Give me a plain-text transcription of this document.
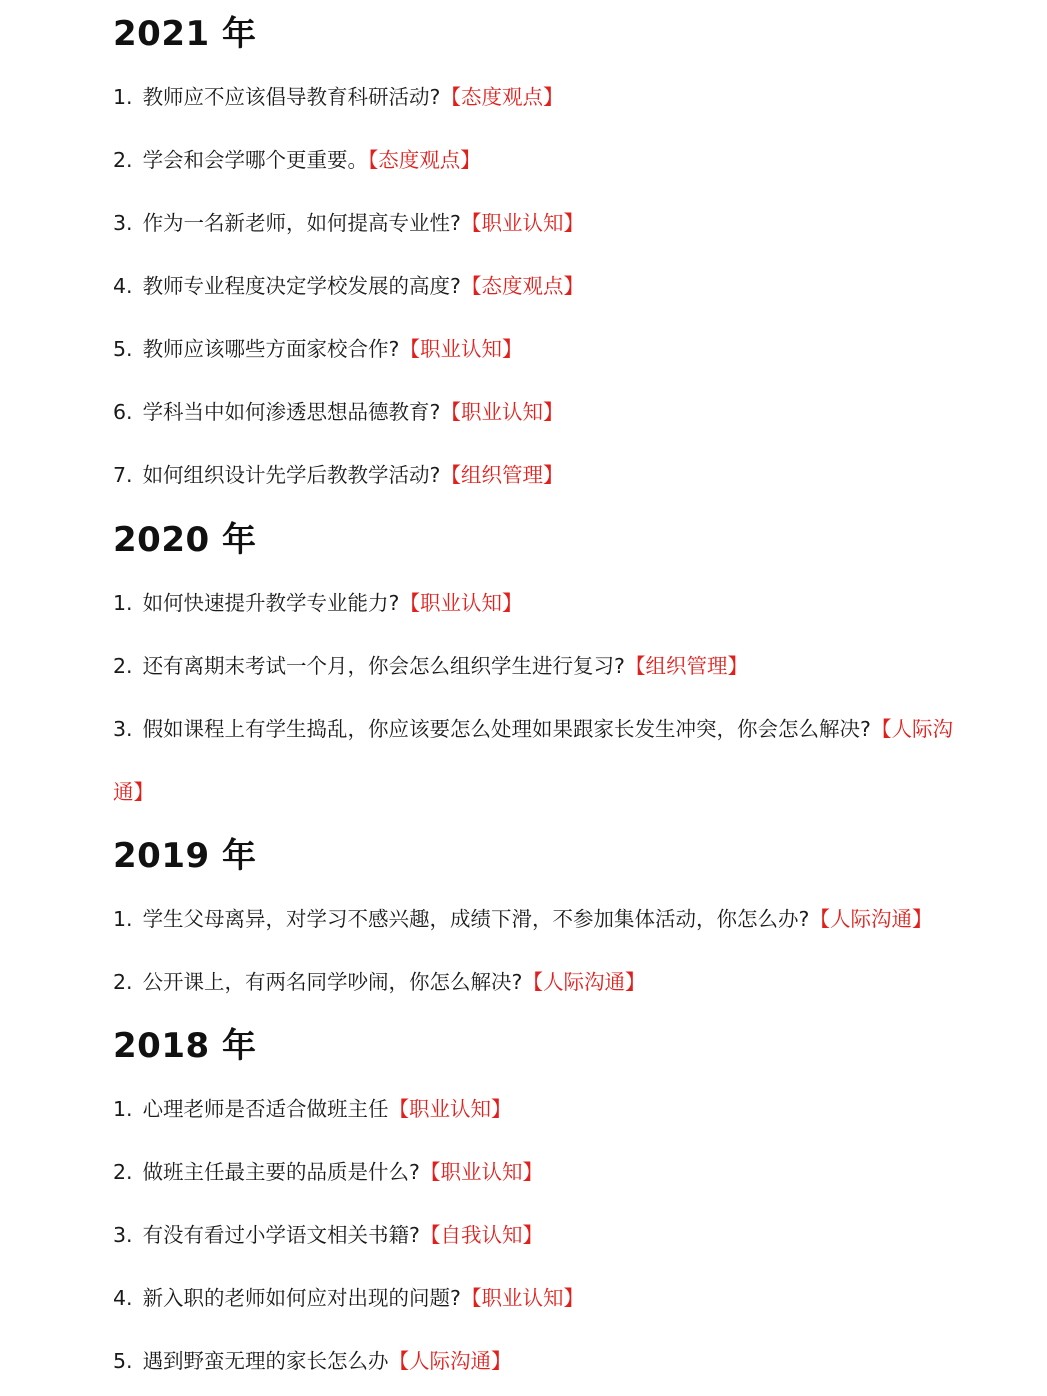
2021 年

1. 教师应不应该倡导教育科研活动?【态度观点】

2. 学会和会学哪个更重要。【态度观点】

3. 作为一名新老师，如何提高专业性?【职业认知】

4. 教师专业程度决定学校发展的高度?【态度观点】

5. 教师应该哪些方面家校合作?【职业认知】

6. 学科当中如何渗透思想品德教育?【职业认知】

7. 如何组织设计先学后教教学活动?【组织管理】

2020 年

1. 如何快速提升教学专业能力?【职业认知】

2. 还有离期末考试一个月，你会怎么组织学生进行复习?【组织管理】

3. 假如课程上有学生捣乱，你应该要怎么处理如果跟家长发生冲突，你会怎么解决?【人际沟通】

2019 年

1. 学生父母离异，对学习不感兴趣，成绩下滑，不参加集体活动，你怎么办?【人际沟通】

2. 公开课上，有两名同学吵闹，你怎么解决?【人际沟通】

2018 年

1. 心理老师是否适合做班主任【职业认知】

2. 做班主任最主要的品质是什么?【职业认知】

3. 有没有看过小学语文相关书籍?【自我认知】

4. 新入职的老师如何应对出现的问题?【职业认知】

5. 遇到野蛮无理的家长怎么办【人际沟通】
